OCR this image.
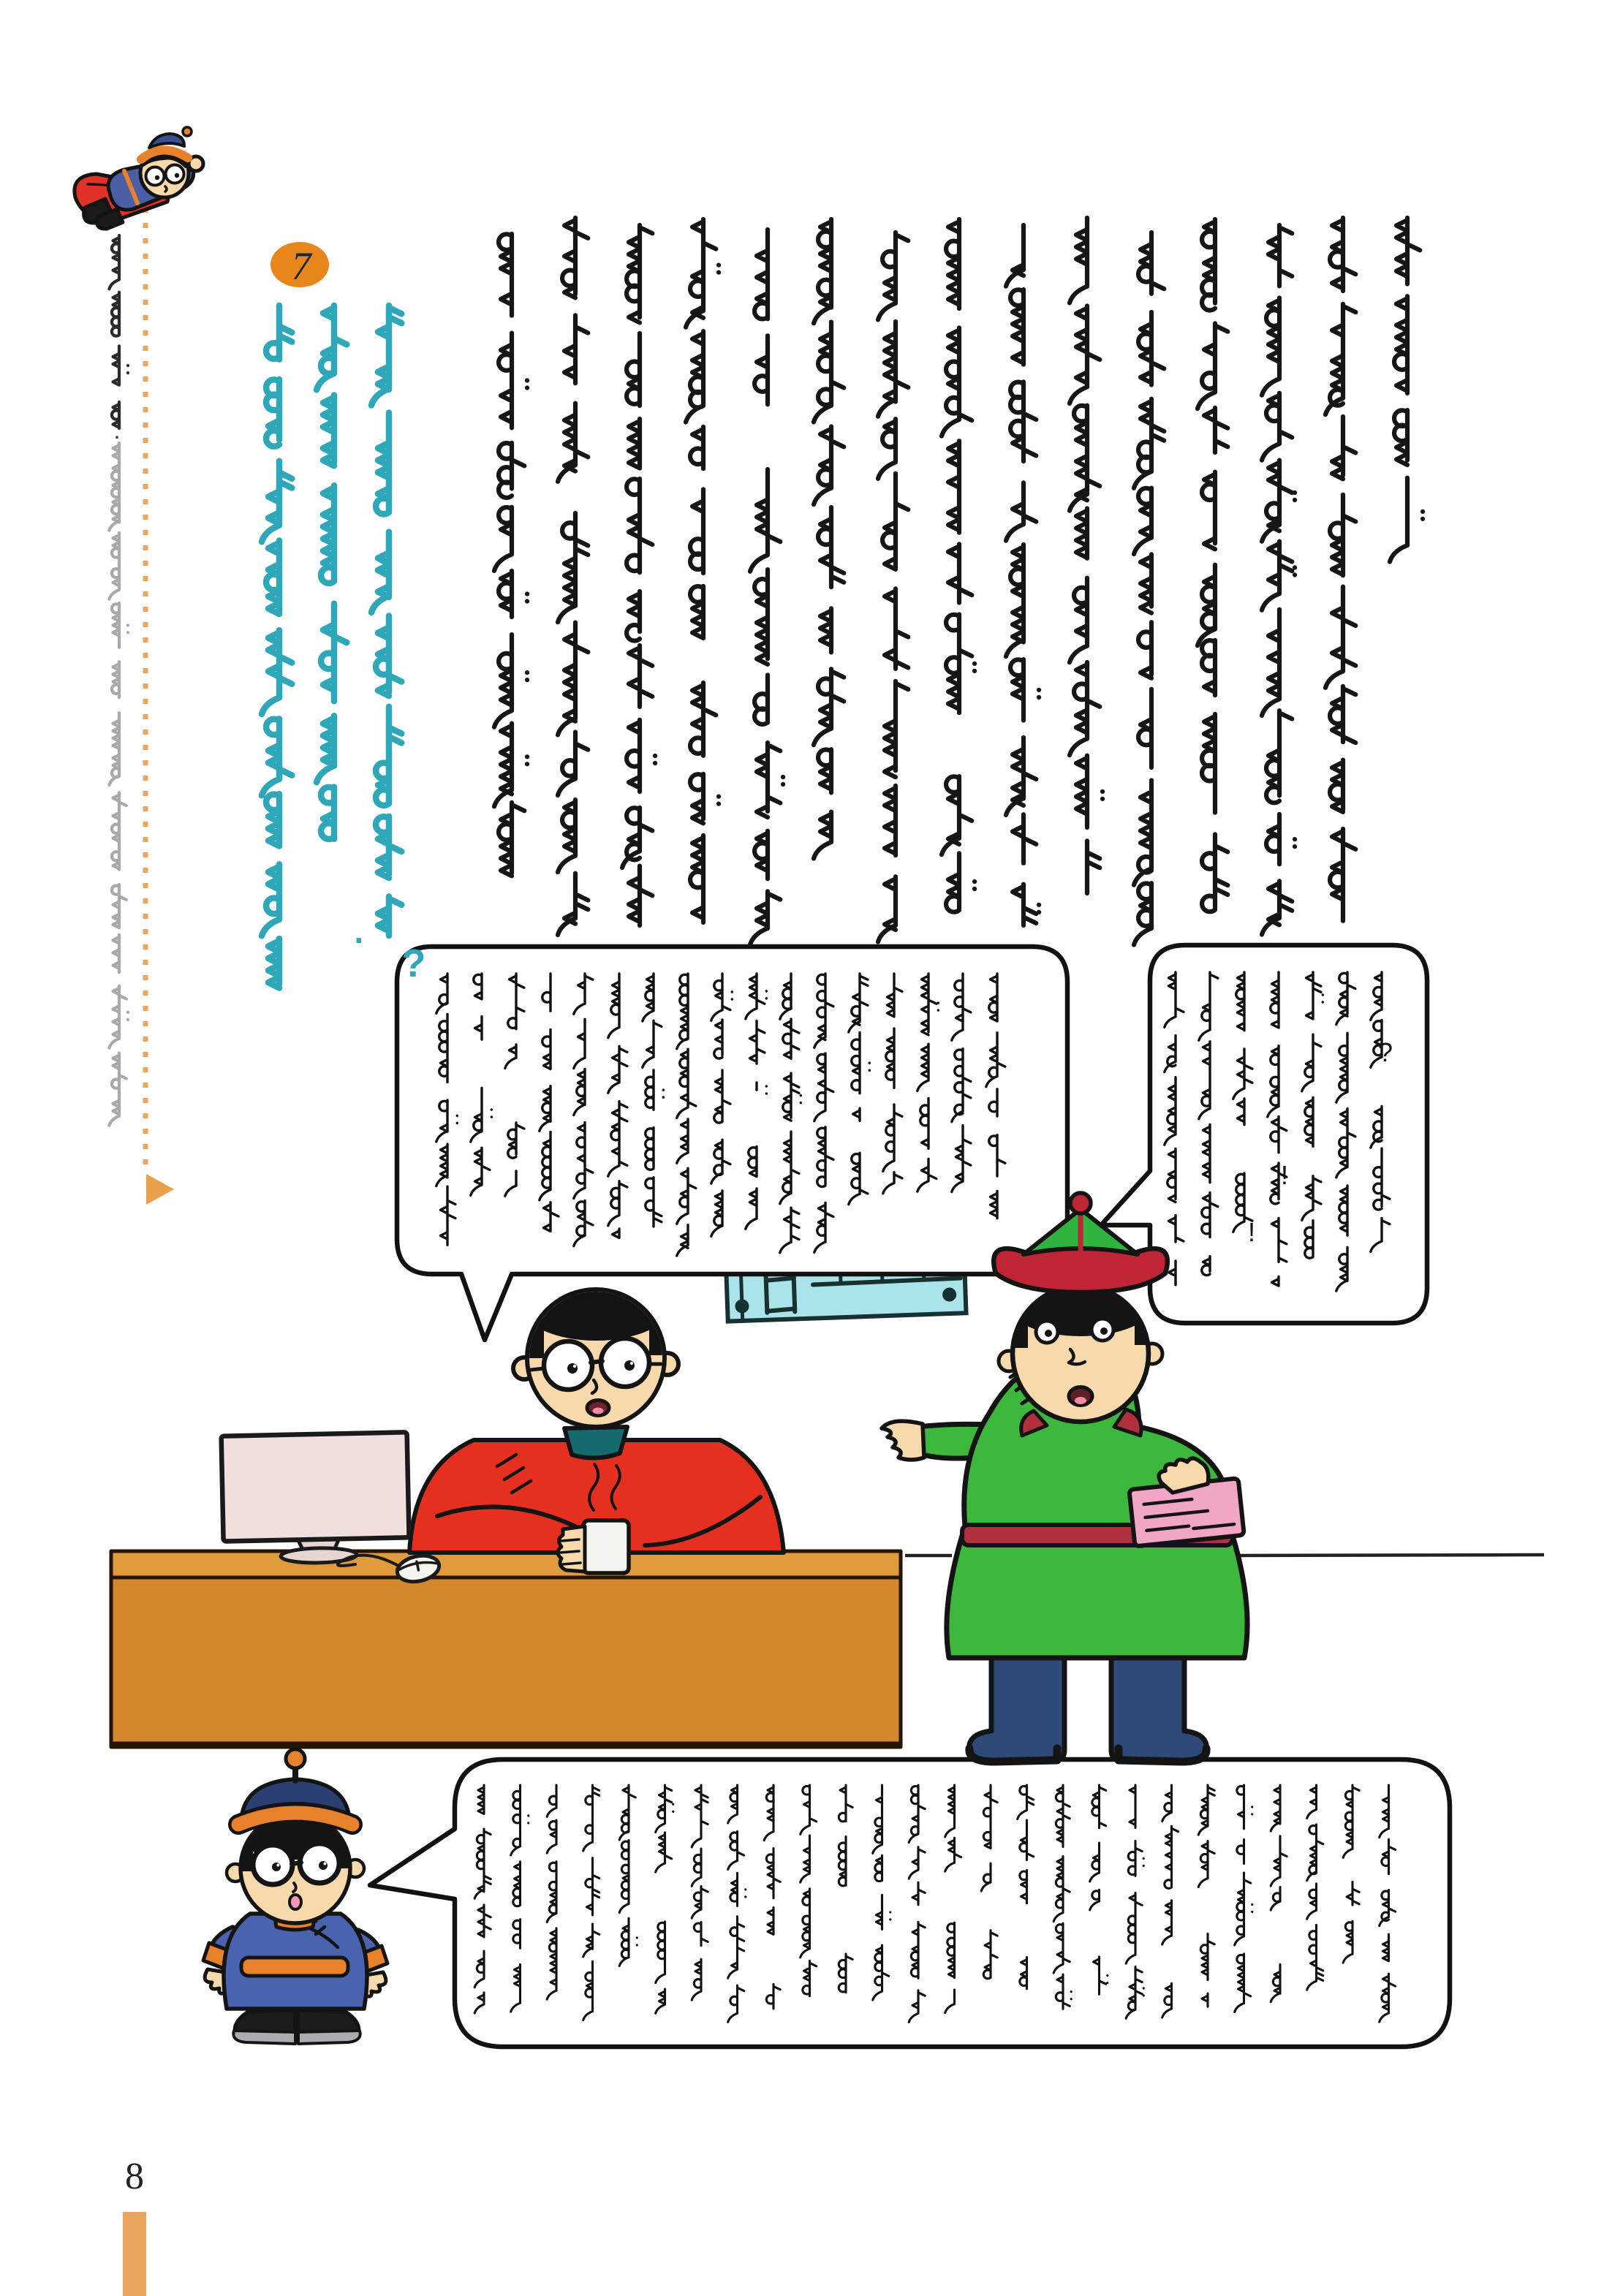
7
8
?
·
?
!
!
:
